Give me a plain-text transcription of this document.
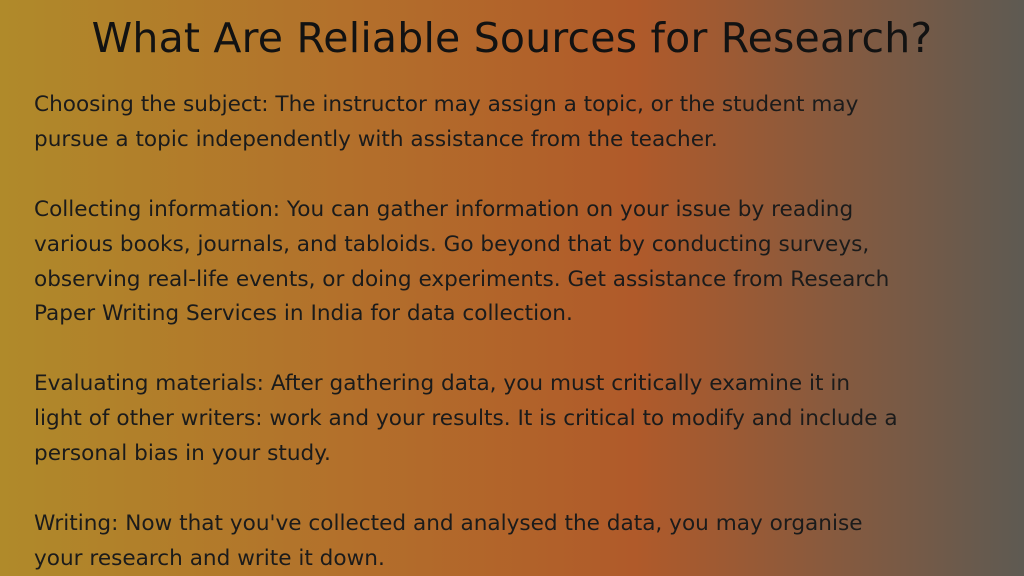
What Are Reliable Sources for Research?

Choosing the subject: The instructor may assign a topic, or the student may
pursue a topic independently with assistance from the teacher.

Collecting information: You can gather information on your issue by reading
various books, journals, and tabloids. Go beyond that by conducting surveys,
observing real-life events, or doing experiments. Get assistance from Research
Paper Writing Services in India for data collection.

Evaluating materials: After gathering data, you must critically examine it in
light of other writers: work and your results. It is critical to modify and include a
personal bias in your study.

Writing: Now that you've collected and analysed the data, you may organise
your research and write it down.
